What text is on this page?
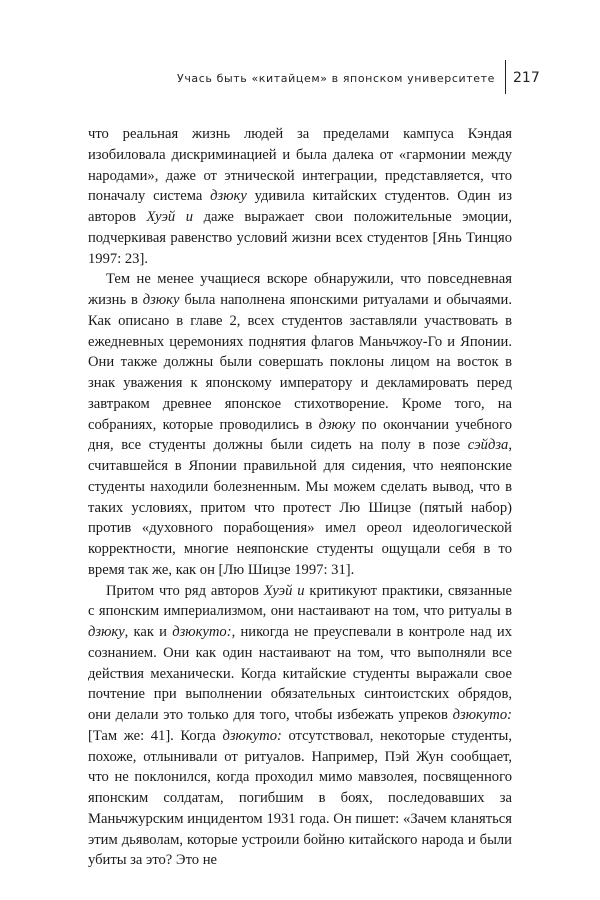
Учась быть «китайцем» в японском университете 217

что реальная жизнь людей за пределами кампуса Кэндая изобиловала дискриминацией и была далека от «гармонии между народами», даже от этнической интеграции, представляется, что поначалу система дзюку удивила китайских студентов. Один из авторов Хуэй и даже выражает свои положительные эмоции, подчеркивая равенство условий жизни всех студентов [Янь Тинцяо 1997: 23].

Тем не менее учащиеся вскоре обнаружили, что повседневная жизнь в дзюку была наполнена японскими ритуалами и обычаями. Как описано в главе 2, всех студентов заставляли участвовать в ежедневных церемониях поднятия флагов Маньчжоу-Го и Японии. Они также должны были совершать поклоны лицом на восток в знак уважения к японскому императору и декламировать перед завтраком древнее японское стихотворение. Кроме того, на собраниях, которые проводились в дзюку по окончании учебного дня, все студенты должны были сидеть на полу в позе сэйдза, считавшейся в Японии правильной для сидения, что неяпонские студенты находили болезненным. Мы можем сделать вывод, что в таких условиях, притом что протест Лю Шицзе (пятый набор) против «духовного порабощения» имел ореол идеологической корректности, многие неяпонские студенты ощущали себя в то время так же, как он [Лю Шицзе 1997: 31].

Притом что ряд авторов Хуэй и критикуют практики, связанные с японским империализмом, они настаивают на том, что ритуалы в дзюку, как и дзюкуто:, никогда не преуспевали в контроле над их сознанием. Они как один настаивают на том, что выполняли все действия механически. Когда китайские студенты выражали свое почтение при выполнении обязательных синтоистских обрядов, они делали это только для того, чтобы избежать упреков дзюкуто: [Там же: 41]. Когда дзюкуто: отсутствовал, некоторые студенты, похоже, отлынивали от ритуалов. Например, Пэй Жун сообщает, что не поклонился, когда проходил мимо мавзолея, посвященного японским солдатам, погибшим в боях, последовавших за Маньчжурским инцидентом 1931 года. Он пишет: «Зачем кланяться этим дьяволам, которые устроили бойню китайского народа и были убиты за это? Это не
